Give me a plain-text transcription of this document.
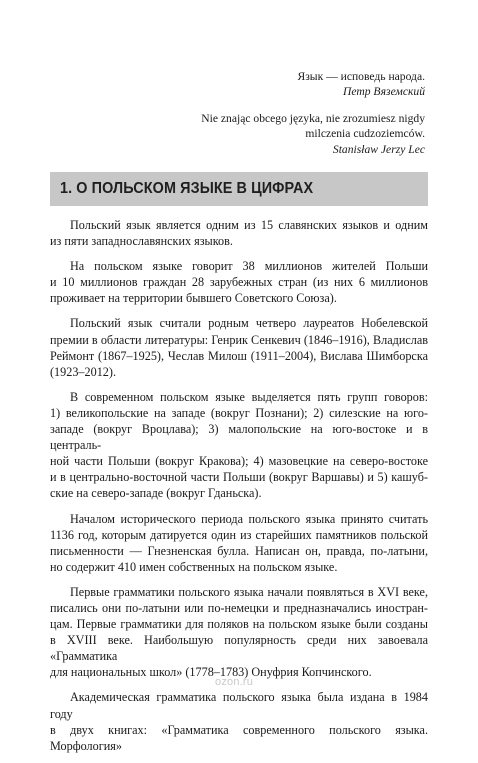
Язык — исповедь народа.
Петр Вяземский

Nie znając obcego języka, nie zrozumiesz nigdy
milczenia cudzoziemców.
Stanisław Jerzy Lec

1. О ПОЛЬСКОМ ЯЗЫКЕ В ЦИФРАХ

Польский язык является одним из 15 славянских языков и одним
из пяти западнославянских языков.

На польском языке говорит 38 миллионов жителей Польши
и 10 миллионов граждан 28 зарубежных стран (из них 6 миллионов
проживает на территории бывшего Советского Союза).

Польский язык считали родным четверо лауреатов Нобелевской
премии в области литературы: Генрик Сенкевич (1846–1916), Владислав
Реймонт (1867–1925), Чеслав Милош (1911–2004), Вислава Шимборска
(1923–2012).

В современном польском языке выделяется пять групп говоров:
1) великопольские на западе (вокруг Познани); 2) силезские на юго-
западе (вокруг Вроцлава); 3) малопольские на юго-востоке и в централь-
ной части Польши (вокруг Кракова); 4) мазовецкие на северо-востоке
и в центрально-восточной части Польши (вокруг Варшавы) и 5) кашуб-
ские на северо-западе (вокруг Гданьска).

Началом исторического периода польского языка принято считать
1136 год, которым датируется один из старейших памятников польской
письменности — Гнезненская булла. Написан он, правда, по-латыни,
но содержит 410 имен собственных на польском языке.

Первые грамматики польского языка начали появляться в XVI веке,
писались они по-латыни или по-немецки и предназначались иностран-
цам. Первые грамматики для поляков на польском языке были созданы
в XVIII веке. Наибольшую популярность среди них завоевала «Грамматика
для национальных школ» (1778–1783) Онуфрия Копчинского.

Академическая грамматика польского языка была издана в 1984 году
в двух книгах: «Грамматика современного польского языка. Морфология»

ozon.ru
